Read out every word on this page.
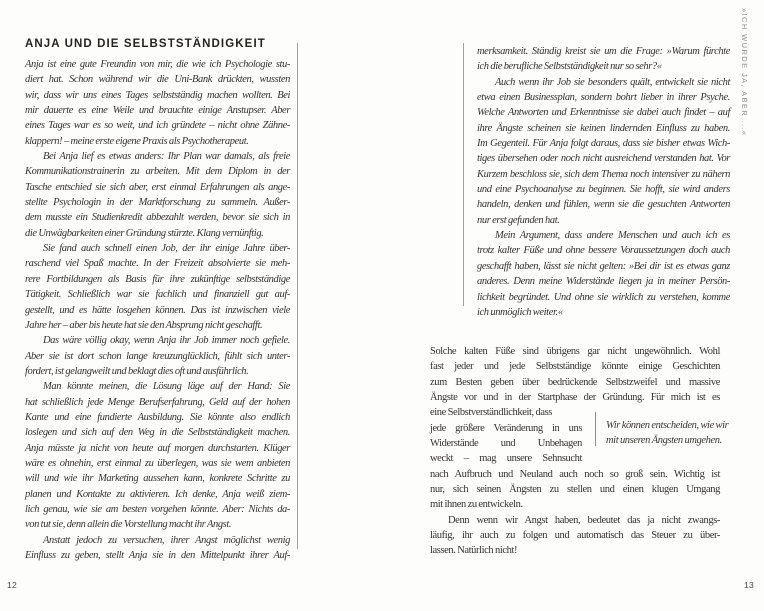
ANJA UND DIE SELBSTSTÄNDIGKEIT
Anja ist eine gute Freundin von mir, die wie ich Psychologie stu-
diert hat. Schon während wir die Uni-Bank drückten, wussten
wir, dass wir uns eines Tages selbstständig machen wollten. Bei
mir dauerte es eine Weile und brauchte einige Anstupser. Aber
eines Tages war es so weit, und ich gründete – nicht ohne Zähne-
klappern! – meine erste eigene Praxis als Psychotherapeut.
Bei Anja lief es etwas anders: Ihr Plan war damals, als freie
Kommunikationstrainerin zu arbeiten. Mit dem Diplom in der
Tasche entschied sie sich aber, erst einmal Erfahrungen als ange-
stellte Psychologin in der Marktforschung zu sammeln. Außer-
dem musste ein Studienkredit abbezahlt werden, bevor sie sich in
die Unwägbarkeiten einer Gründung stürzte. Klang vernünftig.
Sie fand auch schnell einen Job, der ihr einige Jahre über-
raschend viel Spaß machte. In der Freizeit absolvierte sie meh-
rere Fortbildungen als Basis für ihre zukünftige selbstständige
Tätigkeit. Schließlich war sie fachlich und finanziell gut auf-
gestellt, und es hätte losgehen können. Das ist inzwischen viele
Jahre her – aber bis heute hat sie den Absprung nicht geschafft.
Das wäre völlig okay, wenn Anja ihr Job immer noch gefiele.
Aber sie ist dort schon lange kreuzunglücklich, fühlt sich unter-
fordert, ist gelangweilt und beklagt dies oft und ausführlich.
Man könnte meinen, die Lösung läge auf der Hand: Sie
hat schließlich jede Menge Berufserfahrung, Geld auf der hohen
Kante und eine fundierte Ausbildung. Sie könnte also endlich
loslegen und sich auf den Weg in die Selbstständigkeit machen.
Anja müsste ja nicht von heute auf morgen durchstarten. Klüger
wäre es ohnehin, erst einmal zu überlegen, was sie wem anbieten
will und wie ihr Marketing aussehen kann, konkrete Schritte zu
planen und Kontakte zu aktivieren. Ich denke, Anja weiß ziem-
lich genau, wie sie am besten vorgehen könnte. Aber: Nichts da-
von tut sie, denn allein die Vorstellung macht ihr Angst.
Anstatt jedoch zu versuchen, ihrer Angst möglichst wenig
Einfluss zu geben, stellt Anja sie in den Mittelpunkt ihrer Auf-
12
merksamkeit. Ständig kreist sie um die Frage: »Warum fürchte
ich die berufliche Selbstständigkeit nur so sehr?«
Auch wenn ihr Job sie besonders quält, entwickelt sie nicht
etwa einen Businessplan, sondern bohrt lieber in ihrer Psyche.
Welche Antworten und Erkenntnisse sie dabei auch findet – auf
ihre Ängste scheinen sie keinen lindernden Einfluss zu haben.
Im Gegenteil. Für Anja folgt daraus, dass sie bisher etwas Wich-
tiges übersehen oder noch nicht ausreichend verstanden hat. Vor
Kurzem beschloss sie, sich dem Thema noch intensiver zu nähern
und eine Psychoanalyse zu beginnen. Sie hofft, sie wird anders
handeln, denken und fühlen, wenn sie die gesuchten Antworten
nur erst gefunden hat.
Mein Argument, dass andere Menschen und auch ich es
trotz kalter Füße und ohne bessere Voraussetzungen doch auch
geschafft haben, lässt sie nicht gelten: »Bei dir ist es etwas ganz
anderes. Denn meine Widerstände liegen ja in meiner Persön-
lichkeit begründet. Und ohne sie wirklich zu verstehen, komme
ich unmöglich weiter.«
Solche kalten Füße sind übrigens gar nicht ungewöhnlich. Wohl
fast jeder und jede Selbstständige könnte einige Geschichten
zum Besten geben über bedrückende Selbstzweifel und massive
Ängste vor und in der Startphase der Gründung. Für mich ist es
eine Selbstverständlichkeit, dass
jede größere Veränderung in uns
Widerstände und Unbehagen
weckt – mag unsere Sehnsucht
nach Aufbruch und Neuland auch noch so groß sein. Wichtig ist
nur, sich seinen Ängsten zu stellen und einen klugen Umgang
mit ihnen zu entwickeln.
Denn wenn wir Angst haben, bedeutet das ja nicht zwangs-
läufig, ihr auch zu folgen und automatisch das Steuer zu über-
lassen. Natürlich nicht!
Wir können entscheiden, wie wir
mit unseren Ängsten umgehen.
»ICH WÜRDE JA, ABER ...«
13
